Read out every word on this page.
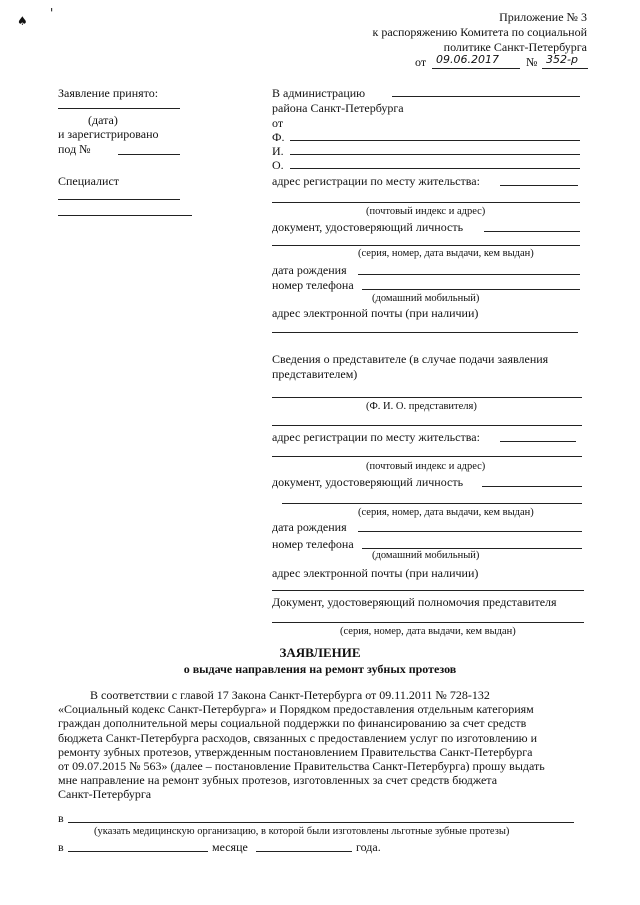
♠
'	Приложение № 3
к распоряжению Комитета по социальной
политике Санкт-Петербурга
от 09.06.2017 № 352-р
Заявление принято:
(дата)
и зарегистрировано
под №
Специалист
В администрацию
района Санкт-Петербурга
от
Ф.
И.
О.
адрес регистрации по месту жительства:
(почтовый индекс и адрес)
документ, удостоверяющий личность
(серия, номер, дата выдачи, кем выдан)
дата рождения
номер телефона
(домашний мобильный)
адрес электронной почты (при наличии)
Сведения о представителе (в случае подачи заявления
представителем)
(Ф. И. О. представителя)
адрес регистрации по месту жительства:
(почтовый индекс и адрес)
документ, удостоверяющий личность
(серия, номер, дата выдачи, кем выдан)
дата рождения
номер телефона
(домашний мобильный)
адрес электронной почты (при наличии)
Документ, удостоверяющий полномочия представителя
(серия, номер, дата выдачи, кем выдан)
ЗАЯВЛЕНИЕ
о выдаче направления на ремонт зубных протезов
В соответствии с главой 17 Закона Санкт-Петербурга от 09.11.2011 № 728-132
«Социальный кодекс Санкт-Петербурга» и Порядком предоставления отдельным категориям
граждан дополнительной меры социальной поддержки по финансированию за счет средств
бюджета Санкт-Петербурга расходов, связанных с предоставлением услуг по изготовлению и
ремонту зубных протезов, утвержденным постановлением Правительства Санкт-Петербурга
от 09.07.2015 № 563» (далее – постановление Правительства Санкт-Петербурга) прошу выдать
мне направление на ремонт зубных протезов, изготовленных за счет средств бюджета
Санкт-Петербурга
в
(указать медицинскую организацию, в которой были изготовлены льготные зубные протезы)
в	месяце	года.
